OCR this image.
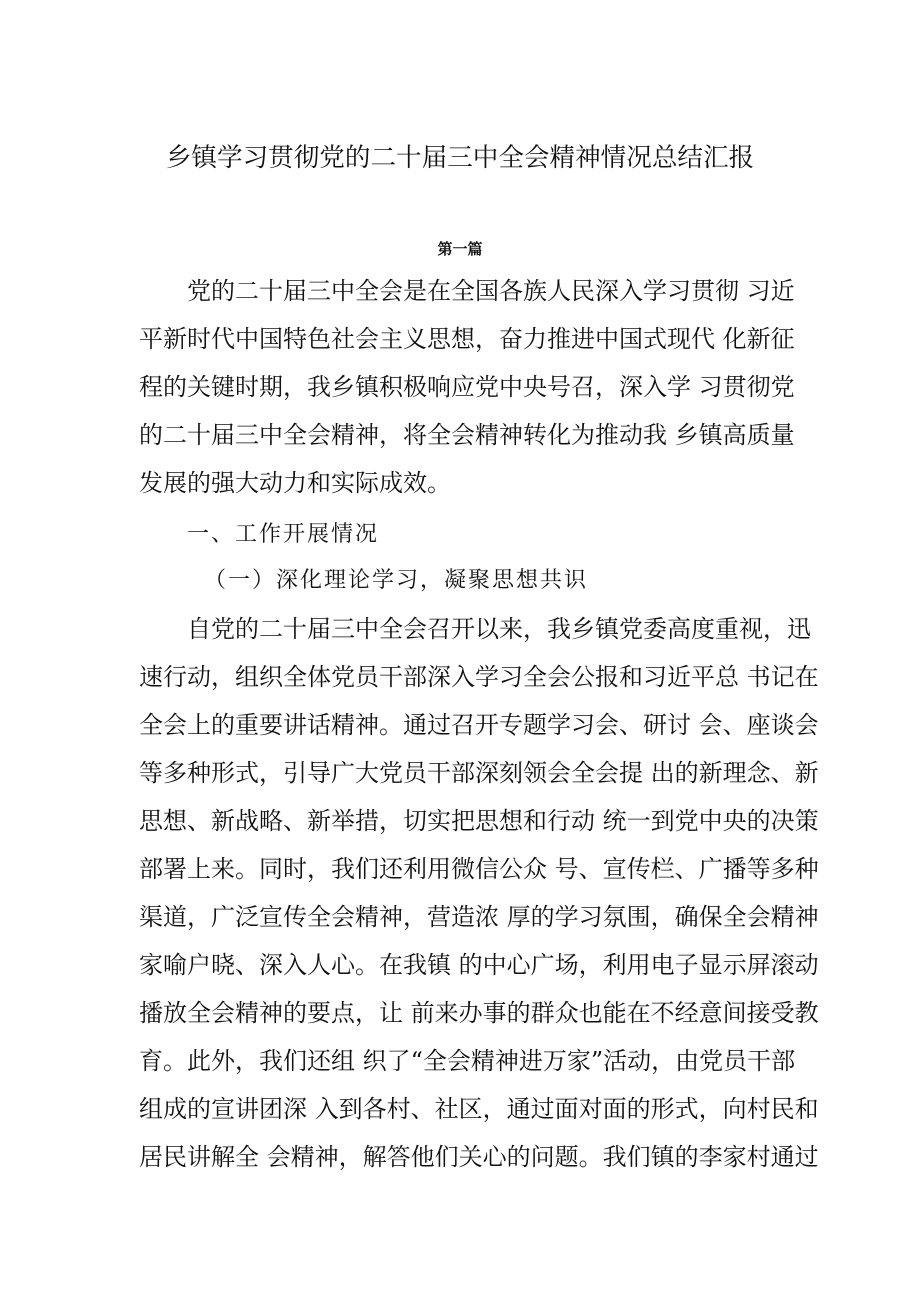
乡镇学习贯彻党的二十届三中全会精神情况总结汇报
第一篇

党的二十届三中全会是在全国各族人民深入学习贯彻 习近

平新时代中国特色社会主义思想，奋力推进中国式现代 化新征

程的关键时期，我乡镇积极响应党中央号召，深入学 习贯彻党

的二十届三中全会精神，将全会精神转化为推动我 乡镇高质量

发展的强大动力和实际成效。

一、工作开展情况

（一）深化理论学习，凝聚思想共识

自党的二十届三中全会召开以来，我乡镇党委高度重视，迅

速行动，组织全体党员干部深入学习全会公报和习近平总 书记在

全会上的重要讲话精神。通过召开专题学习会、研讨 会、座谈会

等多种形式，引导广大党员干部深刻领会全会提 出的新理念、新

思想、新战略、新举措，切实把思想和行动 统一到党中央的决策

部署上来。同时，我们还利用微信公众 号、宣传栏、广播等多种

渠道，广泛宣传全会精神，营造浓 厚的学习氛围，确保全会精神

家喻户晓、深入人心。在我镇 的中心广场，利用电子显示屏滚动

播放全会精神的要点，让 前来办事的群众也能在不经意间接受教

育。此外，我们还组 织了“全会精神进万家”活动，由党员干部

组成的宣讲团深 入到各村、社区，通过面对面的形式，向村民和

居民讲解全 会精神，解答他们关心的问题。我们镇的李家村通过
